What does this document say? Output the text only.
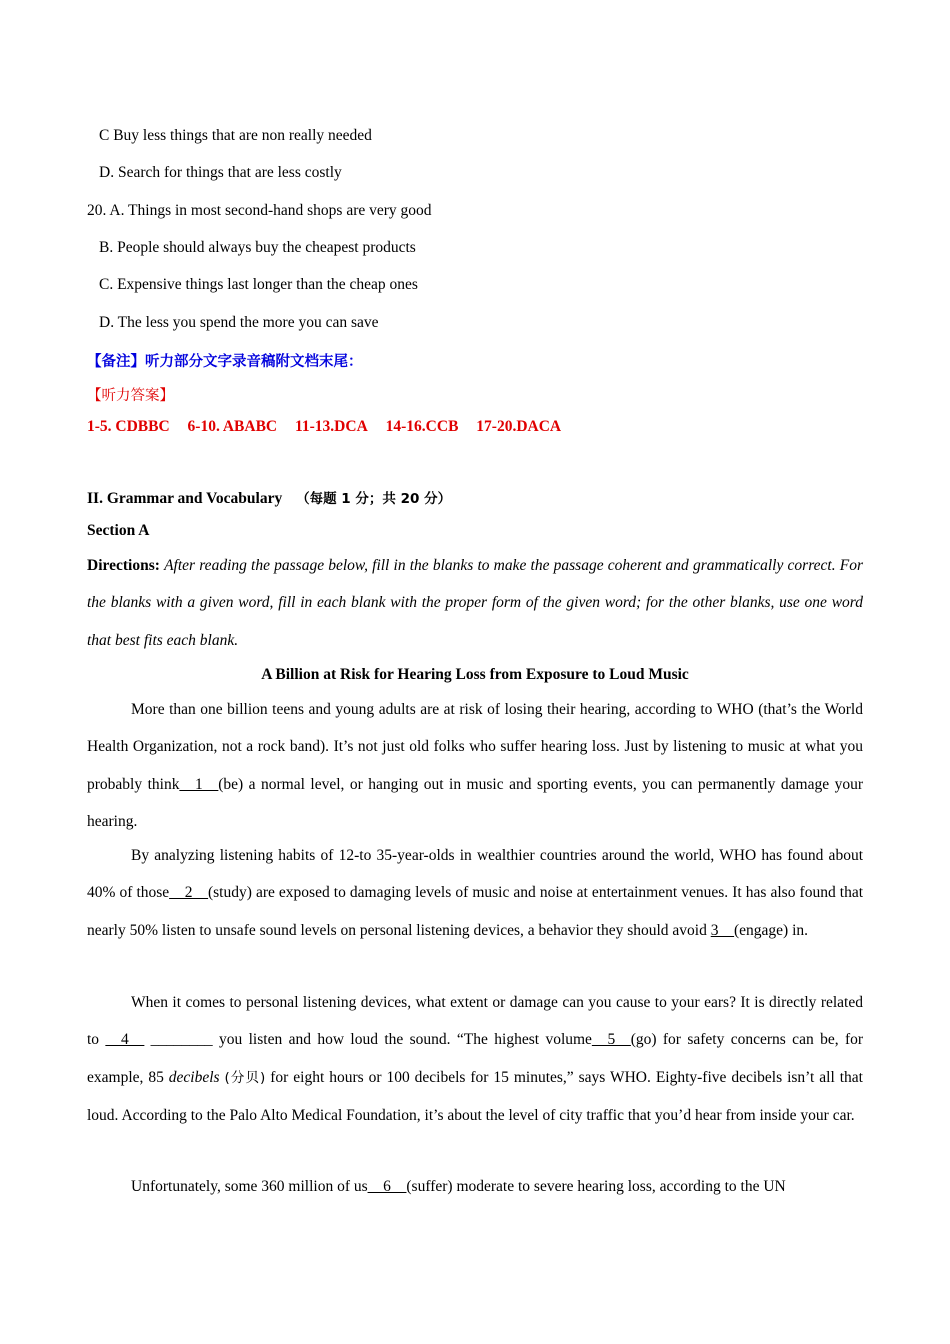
C Buy less things that are non really needed
D. Search for things that are less costly
20. A. Things in most second-hand shops are very good
B. People should always buy the cheapest products
C. Expensive things last longer than the cheap ones
D. The less you spend the more you can save
【备注】听力部分文字录音稿附文档末尾：
【听力答案】
1-5. CDBBC 6-10. ABABC 11-13.DCA 14-16.CCB 17-20.DACA
II. Grammar and Vocabulary （每题 1 分；共 20 分）
Section A
Directions: After reading the passage below, fill in the blanks to make the passage coherent and grammatically correct. For the blanks with a given word, fill in each blank with the proper form of the given word; for the other blanks, use one word that best fits each blank.
A Billion at Risk for Hearing Loss from Exposure to Loud Music
More than one billion teens and young adults are at risk of losing their hearing, according to WHO (that’s the World Health Organization, not a rock band). It’s not just old folks who suffer hearing loss. Just by listening to music at what you probably think__1__(be) a normal level, or hanging out in music and sporting events, you can permanently damage your hearing.
By analyzing listening habits of 12-to 35-year-olds in wealthier countries around the world, WHO has found about 40% of those__2__(study) are exposed to damaging levels of music and noise at entertainment venues. It has also found that nearly 50% listen to unsafe sound levels on personal listening devices, a behavior they should avoid 3__(engage) in.
When it comes to personal listening devices, what extent or damage can you cause to your ears? It is directly related to __4__ ________ you listen and how loud the sound. “The highest volume__5__(go) for safety concerns can be, for example, 85 decibels (分贝) for eight hours or 100 decibels for 15 minutes,” says WHO. Eighty-five decibels isn’t all that loud. According to the Palo Alto Medical Foundation, it’s about the level of city traffic that you’d hear from inside your car.
Unfortunately, some 360 million of us__6__(suffer) moderate to severe hearing loss, according to the UN
